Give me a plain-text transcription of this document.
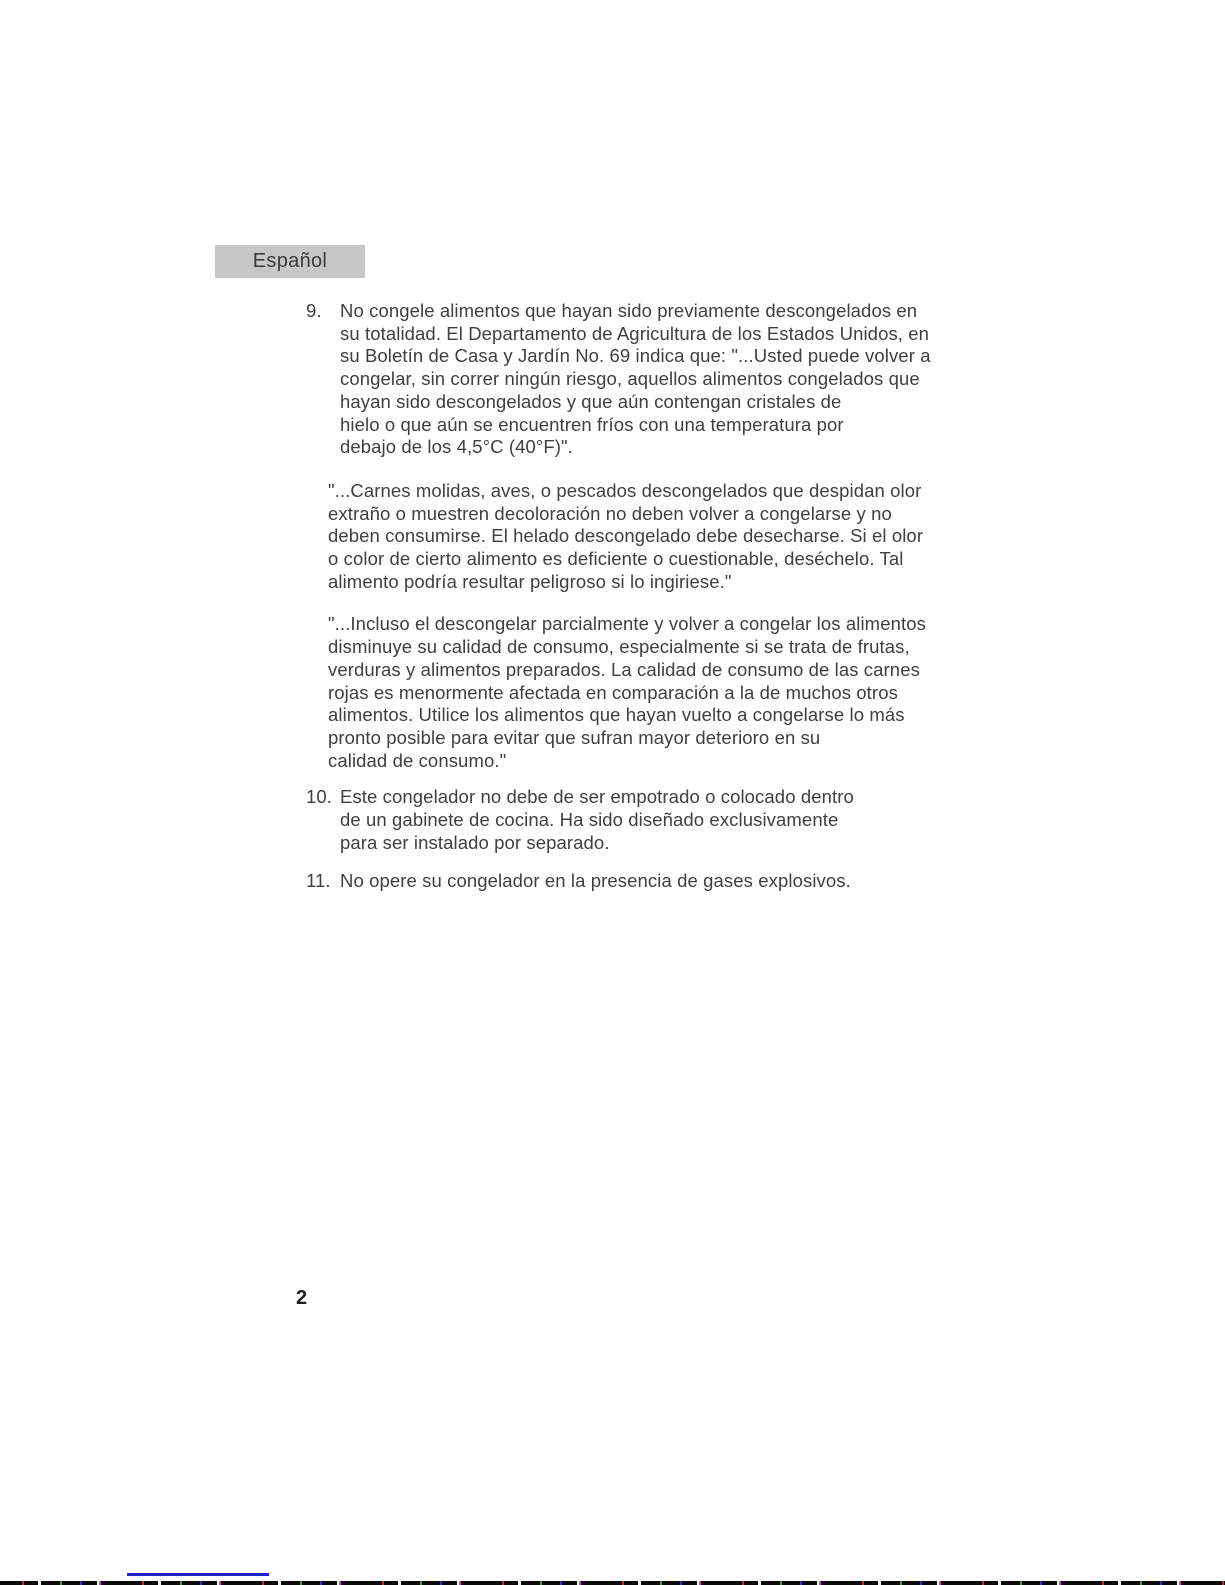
Español
9. No congele alimentos que hayan sido previamente descongelados en
su totalidad. El Departamento de Agricultura de los Estados Unidos, en
su Boletín de Casa y Jardín No. 69 indica que: "...Usted puede volver a
congelar, sin correr ningún riesgo, aquellos alimentos congelados que
hayan sido descongelados y que aún contengan cristales de
hielo o que aún se encuentren fríos con una temperatura por
debajo de los 4,5°C (40°F)".
"...Carnes molidas, aves, o pescados descongelados que despidan olor
extraño o muestren decoloración no deben volver a congelarse y no
deben consumirse. El helado descongelado debe desecharse. Si el olor
o color de cierto alimento es deficiente o cuestionable, deséchelo. Tal
alimento podría resultar peligroso si lo ingiriese."
"...Incluso el descongelar parcialmente y volver a congelar los alimentos
disminuye su calidad de consumo, especialmente si se trata de frutas,
verduras y alimentos preparados. La calidad de consumo de las carnes
rojas es menormente afectada en comparación a la de muchos otros
alimentos. Utilice los alimentos que hayan vuelto a congelarse lo más
pronto posible para evitar que sufran mayor deterioro en su
calidad de consumo."
10. Este congelador no debe de ser empotrado o colocado dentro
de un gabinete de cocina. Ha sido diseñado exclusivamente
para ser instalado por separado.
11. No opere su congelador en la presencia de gases explosivos.
2
